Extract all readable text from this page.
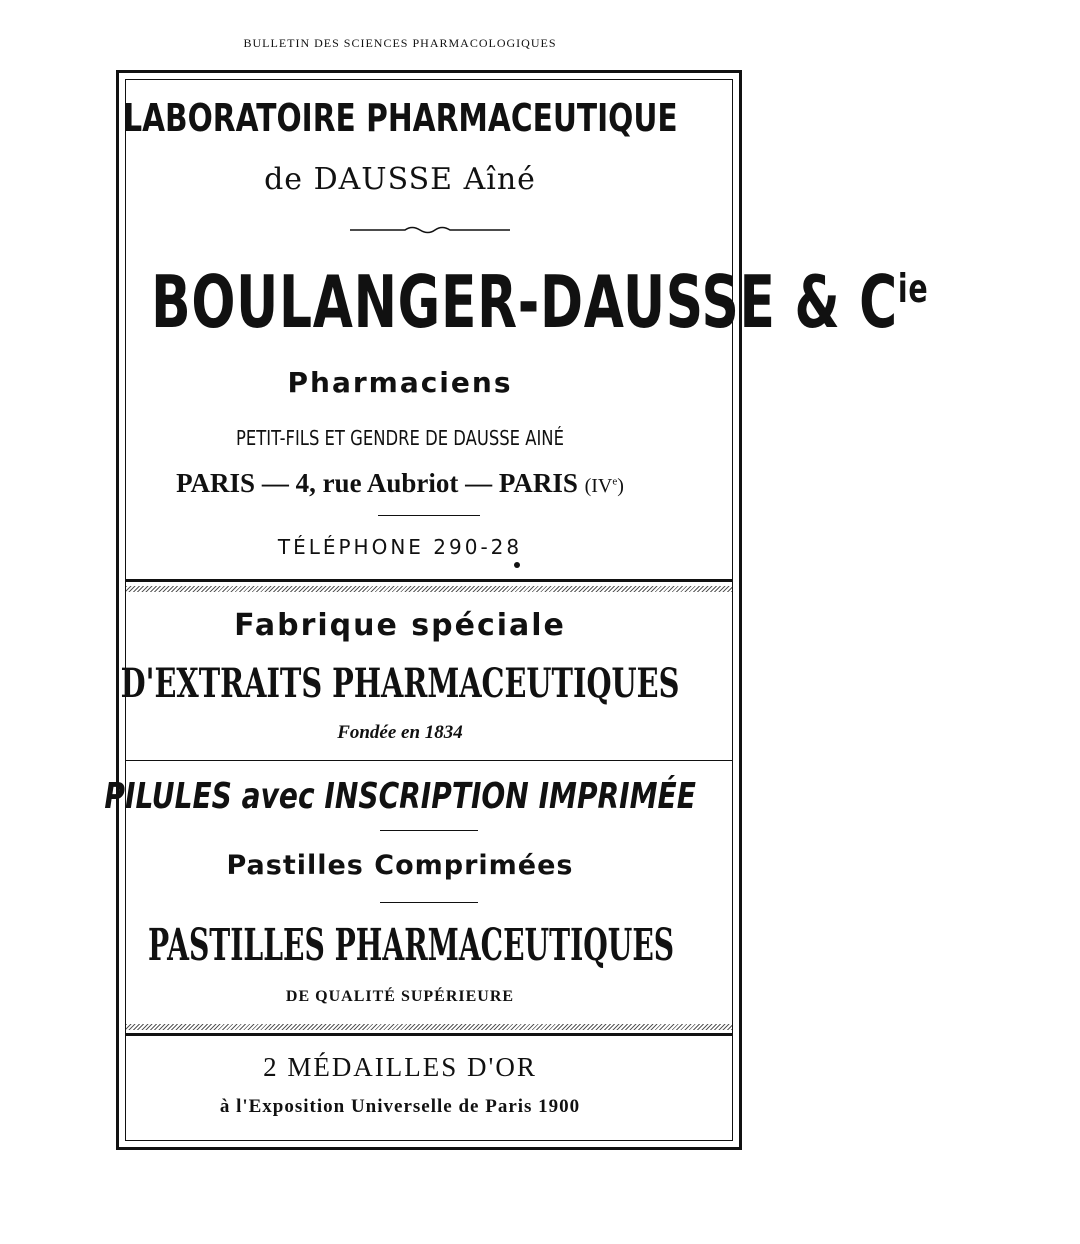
BULLETIN DES SCIENCES PHARMACOLOGIQUES
LABORATOIRE PHARMACEUTIQUE
de DAUSSE Aîné
BOULANGER-DAUSSE & $C^{ie}$
Pharmaciens
PETIT-FILS ET GENDRE DE DAUSSE AINÉ
PARIS — 4, rue Aubriot — PARIS (IVe)
TÉLÉPHONE 290-28
Fabrique spéciale
D'EXTRAITS PHARMACEUTIQUES
Fondée en 1834
PILULES avec INSCRIPTION IMPRIMÉE
Pastilles Comprimées
PASTILLES PHARMACEUTIQUES
DE QUALITÉ SUPÉRIEURE
2 MÉDAILLES D'OR
à l'Exposition Universelle de Paris 1900
